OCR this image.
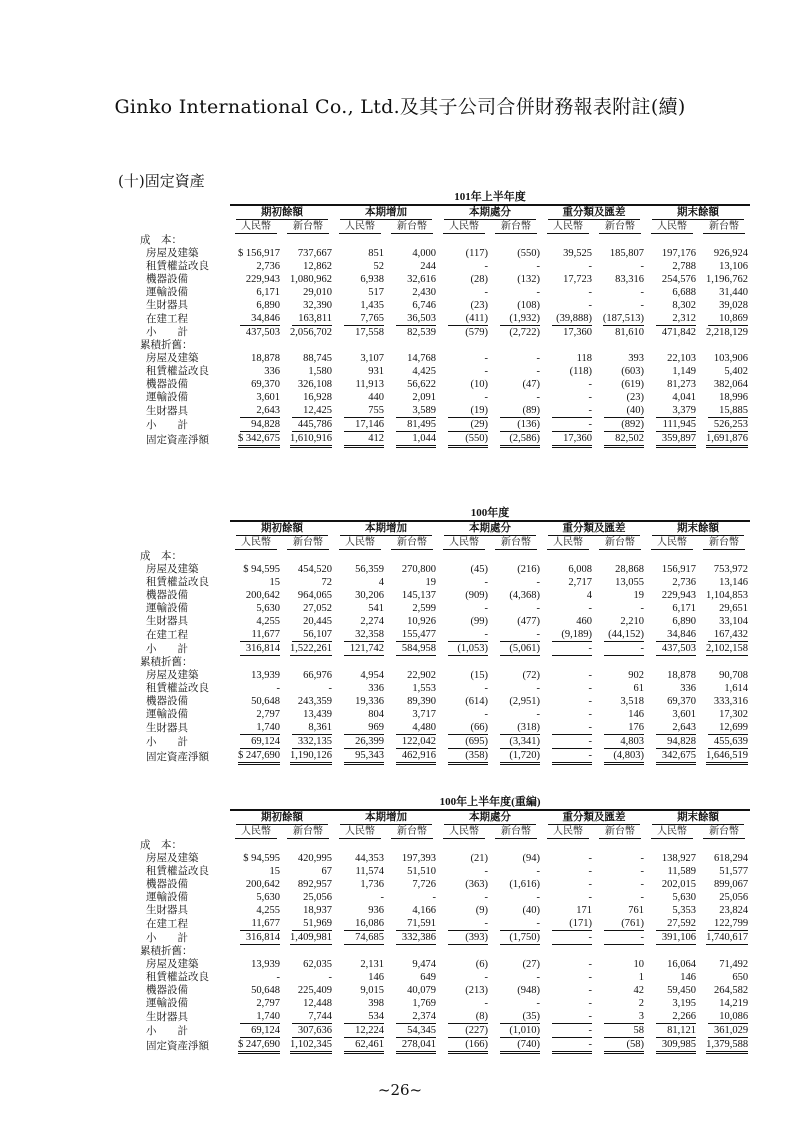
Ginko International Co., Ltd.及其子公司合併財務報表附註(續)
(十)固定資產
	101年上半年度									
	期初餘額		本期增加		本期處分		重分類及匯差		期末餘額	
	人民幣	新台幣	人民幣	新台幣	人民幣	新台幣	人民幣	新台幣	人民幣	新台幣
成　本：										
房屋及建築	$ 156,917	737,667	851	4,000	(117)	(550)	39,525	185,807	197,176	926,924
租賃權益改良	2,736	12,862	52	244	-	-	-	-	2,788	13,106
機器設備	229,943	1,080,962	6,938	32,616	(28)	(132)	17,723	83,316	254,576	1,196,762
運輸設備	6,171	29,010	517	2,430	-	-	-	-	6,688	31,440
生財器具	6,890	32,390	1,435	6,746	(23)	(108)	-	-	8,302	39,028
在建工程	34,846	163,811	7,765	36,503	(411)	(1,932)	(39,888)	(187,513)	2,312	10,869
小　　計	437,503	2,056,702	17,558	82,539	(579)	(2,722)	17,360	81,610	471,842	2,218,129
累積折舊：										
房屋及建築	18,878	88,745	3,107	14,768	-	-	118	393	22,103	103,906
租賃權益改良	336	1,580	931	4,425	-	-	(118)	(603)	1,149	5,402
機器設備	69,370	326,108	11,913	56,622	(10)	(47)	-	(619)	81,273	382,064
運輸設備	3,601	16,928	440	2,091	-	-	-	(23)	4,041	18,996
生財器具	2,643	12,425	755	3,589	(19)	(89)	-	(40)	3,379	15,885
小　　計	94,828	445,786	17,146	81,495	(29)	(136)	-	(892)	111,945	526,253
固定資產淨額	$ 342,675	1,610,916	412	1,044	(550)	(2,586)	17,360	82,502	359,897	1,691,876
	100年度									
	期初餘額		本期增加		本期處分		重分類及匯差		期末餘額	
	人民幣	新台幣	人民幣	新台幣	人民幣	新台幣	人民幣	新台幣	人民幣	新台幣
成　本：										
房屋及建築	$ 94,595	454,520	56,359	270,800	(45)	(216)	6,008	28,868	156,917	753,972
租賃權益改良	15	72	4	19	-	-	2,717	13,055	2,736	13,146
機器設備	200,642	964,065	30,206	145,137	(909)	(4,368)	4	19	229,943	1,104,853
運輸設備	5,630	27,052	541	2,599	-	-	-	-	6,171	29,651
生財器具	4,255	20,445	2,274	10,926	(99)	(477)	460	2,210	6,890	33,104
在建工程	11,677	56,107	32,358	155,477	-	-	(9,189)	(44,152)	34,846	167,432
小　　計	316,814	1,522,261	121,742	584,958	(1,053)	(5,061)	-	-	437,503	2,102,158
累積折舊：										
房屋及建築	13,939	66,976	4,954	22,902	(15)	(72)	-	902	18,878	90,708
租賃權益改良	-	-	336	1,553	-	-	-	61	336	1,614
機器設備	50,648	243,359	19,336	89,390	(614)	(2,951)	-	3,518	69,370	333,316
運輸設備	2,797	13,439	804	3,717	-	-	-	146	3,601	17,302
生財器具	1,740	8,361	969	4,480	(66)	(318)	-	176	2,643	12,699
小　　計	69,124	332,135	26,399	122,042	(695)	(3,341)	-	4,803	94,828	455,639
固定資產淨額	$ 247,690	1,190,126	95,343	462,916	(358)	(1,720)	-	(4,803)	342,675	1,646,519
	100年上半年度(重編)									
	期初餘額		本期增加		本期處分		重分類及匯差		期末餘額	
	人民幣	新台幣	人民幣	新台幣	人民幣	新台幣	人民幣	新台幣	人民幣	新台幣
成　本：										
房屋及建築	$ 94,595	420,995	44,353	197,393	(21)	(94)	-	-	138,927	618,294
租賃權益改良	15	67	11,574	51,510	-	-	-	-	11,589	51,577
機器設備	200,642	892,957	1,736	7,726	(363)	(1,616)	-	-	202,015	899,067
運輸設備	5,630	25,056	-	-	-	-	-	-	5,630	25,056
生財器具	4,255	18,937	936	4,166	(9)	(40)	171	761	5,353	23,824
在建工程	11,677	51,969	16,086	71,591	-	-	(171)	(761)	27,592	122,799
小　　計	316,814	1,409,981	74,685	332,386	(393)	(1,750)	-	-	391,106	1,740,617
累積折舊：										
房屋及建築	13,939	62,035	2,131	9,474	(6)	(27)	-	10	16,064	71,492
租賃權益改良	-	-	146	649	-	-	-	1	146	650
機器設備	50,648	225,409	9,015	40,079	(213)	(948)	-	42	59,450	264,582
運輸設備	2,797	12,448	398	1,769	-	-	-	2	3,195	14,219
生財器具	1,740	7,744	534	2,374	(8)	(35)	-	3	2,266	10,086
小　　計	69,124	307,636	12,224	54,345	(227)	(1,010)	-	58	81,121	361,029
固定資產淨額	$ 247,690	1,102,345	62,461	278,041	(166)	(740)	-	(58)	309,985	1,379,588
~26~
